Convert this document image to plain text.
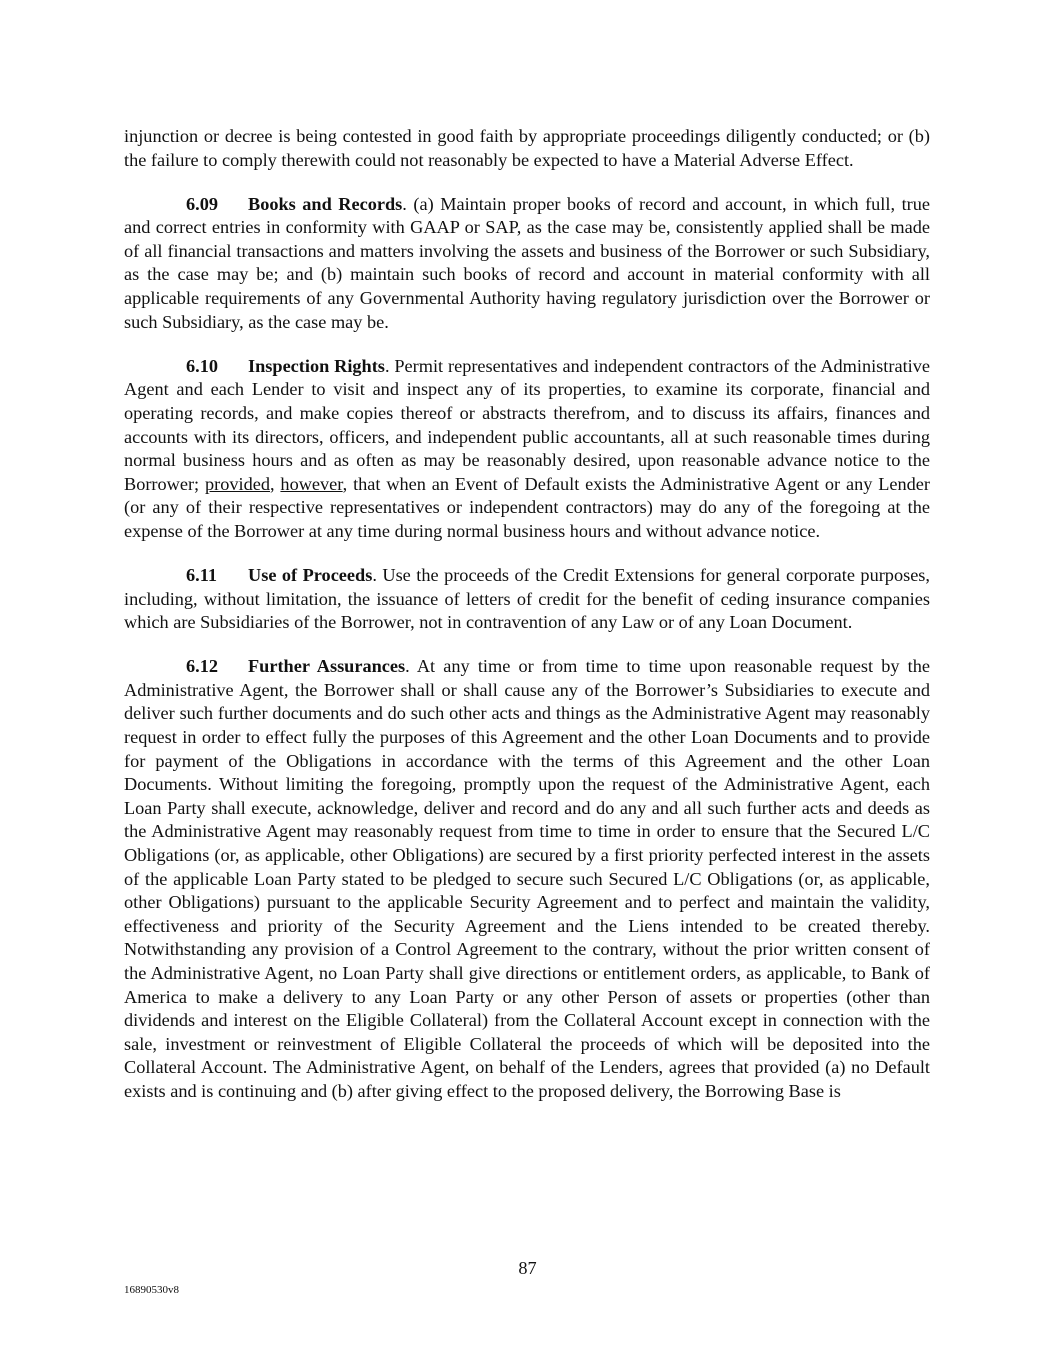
injunction or decree is being contested in good faith by appropriate proceedings diligently conducted; or (b) the failure to comply therewith could not reasonably be expected to have a Material Adverse Effect.

6.09 Books and Records. (a) Maintain proper books of record and account, in which full, true and correct entries in conformity with GAAP or SAP, as the case may be, consistently applied shall be made of all financial transactions and matters involving the assets and business of the Borrower or such Subsidiary, as the case may be; and (b) maintain such books of record and account in material conformity with all applicable requirements of any Governmental Authority having regulatory jurisdiction over the Borrower or such Subsidiary, as the case may be.

6.10 Inspection Rights. Permit representatives and independent contractors of the Administrative Agent and each Lender to visit and inspect any of its properties, to examine its corporate, financial and operating records, and make copies thereof or abstracts therefrom, and to discuss its affairs, finances and accounts with its directors, officers, and independent public accountants, all at such reasonable times during normal business hours and as often as may be reasonably desired, upon reasonable advance notice to the Borrower; provided, however, that when an Event of Default exists the Administrative Agent or any Lender (or any of their respective representatives or independent contractors) may do any of the foregoing at the expense of the Borrower at any time during normal business hours and without advance notice.

6.11 Use of Proceeds. Use the proceeds of the Credit Extensions for general corporate purposes, including, without limitation, the issuance of letters of credit for the benefit of ceding insurance companies which are Subsidiaries of the Borrower, not in contravention of any Law or of any Loan Document.

6.12 Further Assurances. At any time or from time to time upon reasonable request by the Administrative Agent, the Borrower shall or shall cause any of the Borrower’s Subsidiaries to execute and deliver such further documents and do such other acts and things as the Administrative Agent may reasonably request in order to effect fully the purposes of this Agreement and the other Loan Documents and to provide for payment of the Obligations in accordance with the terms of this Agreement and the other Loan Documents. Without limiting the foregoing, promptly upon the request of the Administrative Agent, each Loan Party shall execute, acknowledge, deliver and record and do any and all such further acts and deeds as the Administrative Agent may reasonably request from time to time in order to ensure that the Secured L/C Obligations (or, as applicable, other Obligations) are secured by a first priority perfected interest in the assets of the applicable Loan Party stated to be pledged to secure such Secured L/C Obligations (or, as applicable, other Obligations) pursuant to the applicable Security Agreement and to perfect and maintain the validity, effectiveness and priority of the Security Agreement and the Liens intended to be created thereby. Notwithstanding any provision of a Control Agreement to the contrary, without the prior written consent of the Administrative Agent, no Loan Party shall give directions or entitlement orders, as applicable, to Bank of America to make a delivery to any Loan Party or any other Person of assets or properties (other than dividends and interest on the Eligible Collateral) from the Collateral Account except in connection with the sale, investment or reinvestment of Eligible Collateral the proceeds of which will be deposited into the Collateral Account. The Administrative Agent, on behalf of the Lenders, agrees that provided (a) no Default exists and is continuing and (b) after giving effect to the proposed delivery, the Borrowing Base is

87
16890530v8
